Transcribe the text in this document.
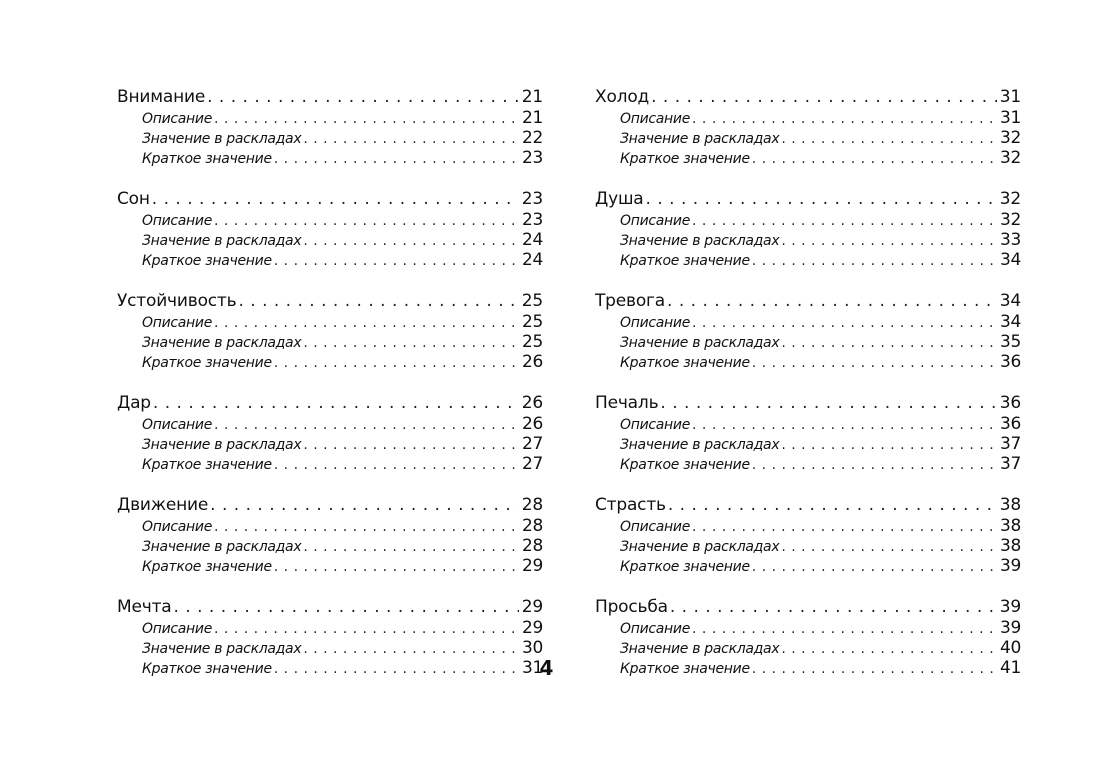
Внимание . . .	21
Описание . . .	21
Значение в раскладах . . .	22
Краткое значение . . .	23
Сон . . .	23
Описание . . .	23
Значение в раскладах . . .	24
Краткое значение . . .	24
Устойчивость . . .	25
Описание . . .	25
Значение в раскладах . . .	25
Краткое значение . . .	26
Дар . . .	26
Описание . . .	26
Значение в раскладах . . .	27
Краткое значение . . .	27
Движение . . .	28
Описание . . .	28
Значение в раскладах . . .	28
Краткое значение . . .	29
Мечта . . .	29
Описание . . .	29
Значение в раскладах . . .	30
Краткое значение . . .	31
Холод . . .	31
Описание . . .	31
Значение в раскладах . . .	32
Краткое значение . . .	32
Душа . . .	32
Описание . . .	32
Значение в раскладах . . .	33
Краткое значение . . .	34
Тревога . . .	34
Описание . . .	34
Значение в раскладах . . .	35
Краткое значение . . .	36
Печаль . . .	36
Описание . . .	36
Значение в раскладах . . .	37
Краткое значение . . .	37
Страсть . . .	38
Описание . . .	38
Значение в раскладах . . .	38
Краткое значение . . .	39
Просьба . . .	39
Описание . . .	39
Значение в раскладах . . .	40
Краткое значение . . .	41
4
